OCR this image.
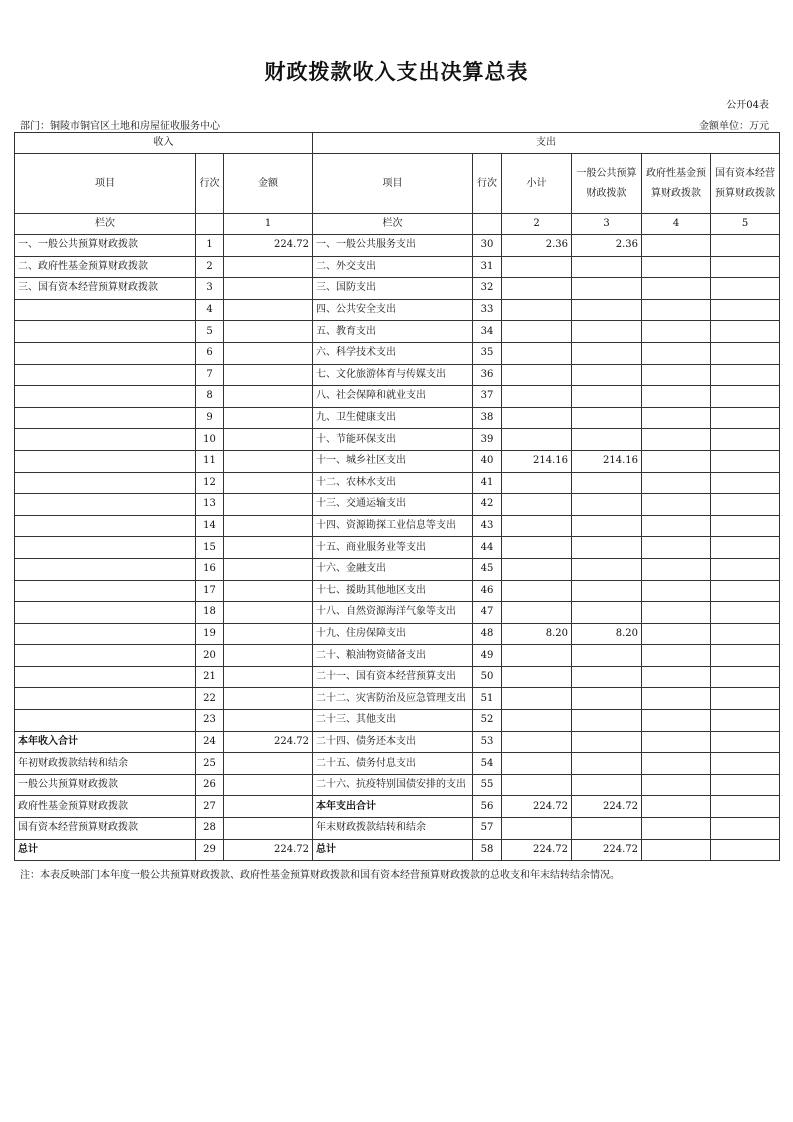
财政拨款收入支出决算总表
公开04表
部门：铜陵市铜官区土地和房屋征收服务中心	金额单位：万元
收入			支出					
项目	行次	金额	项目	行次	小计	一般公共预算财政拨款	政府性基金预算财政拨款	国有资本经营预算财政拨款
栏次		1	栏次		2	3	4	5
一、一般公共预算财政拨款	1	224.72	一、一般公共服务支出	30	2.36	2.36		
二、政府性基金预算财政拨款	2		二、外交支出	31				
三、国有资本经营预算财政拨款	3		三、国防支出	32				
	4		四、公共安全支出	33				
	5		五、教育支出	34				
	6		六、科学技术支出	35				
	7		七、文化旅游体育与传媒支出	36				
	8		八、社会保障和就业支出	37				
	9		九、卫生健康支出	38				
	10		十、节能环保支出	39				
	11		十一、城乡社区支出	40	214.16	214.16		
	12		十二、农林水支出	41				
	13		十三、交通运输支出	42				
	14		十四、资源勘探工业信息等支出	43				
	15		十五、商业服务业等支出	44				
	16		十六、金融支出	45				
	17		十七、援助其他地区支出	46				
	18		十八、自然资源海洋气象等支出	47				
	19		十九、住房保障支出	48	8.20	8.20		
	20		二十、粮油物资储备支出	49				
	21		二十一、国有资本经营预算支出	50				
	22		二十二、灾害防治及应急管理支出	51				
	23		二十三、其他支出	52				
本年收入合计	24	224.72	二十四、债务还本支出	53				
年初财政拨款结转和结余	25		二十五、债务付息支出	54				
一般公共预算财政拨款	26		二十六、抗疫特别国债安排的支出	55				
政府性基金预算财政拨款	27		本年支出合计	56	224.72	224.72		
国有资本经营预算财政拨款	28		年末财政拨款结转和结余	57				
总计	29	224.72	总计	58	224.72	224.72		
注：本表反映部门本年度一般公共预算财政拨款、政府性基金预算财政拨款和国有资本经营预算财政拨款的总收支和年末结转结余情况。
